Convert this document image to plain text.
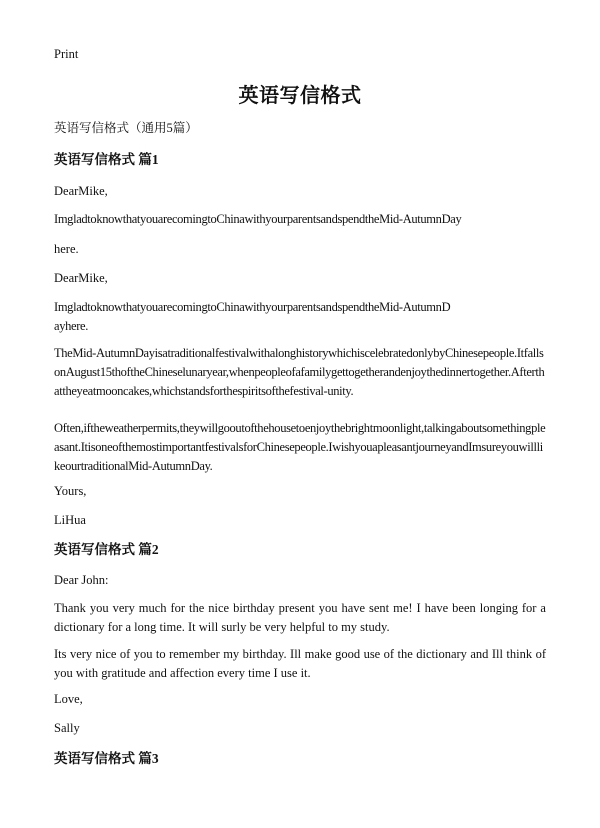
Print
英语写信格式

英语写信格式（通用5篇）

英语写信格式 篇1

DearMike,

ImgladtoknowthatyouarecomingtoChinawithyourparentsandspendtheMid-AutumnDay

here.

DearMike,

ImgladtoknowthatyouarecomingtoChinawithyourparentsandspendtheMid-AutumnDayhere.

TheMid-AutumnDayisatraditionalfestivalwithalonghistorywhichiscelebratedonlybyChinesepeople.ItfallsonAugust15thoftheChineselunaryear,whenpeopleofafamilygettogetherandenjoythedinnertogether.Afterthattheyeatmooncakes,whichstandsforthespiritsofthefestival-unity.

Often,iftheweatherpermits,theywillgooutofthehousetoenjoythebrightmoonlight,talkingaboutsomethingpleasant.ItisoneofthemostimportantfestivalsforChinesepeople.IwishyouapleasantjourneyandImsureyouwilllikeourtraditionalMid-AutumnDay.

Yours,

LiHua

英语写信格式 篇2

Dear John:

Thank you very much for the nice birthday present you have sent me! I have been longing for a dictionary for a long time. It will surly be very helpful to my study.

Its very nice of you to remember my birthday. Ill make good use of the dictionary and Ill think of you with gratitude and affection every time I use it.

Love,

Sally

英语写信格式 篇3
